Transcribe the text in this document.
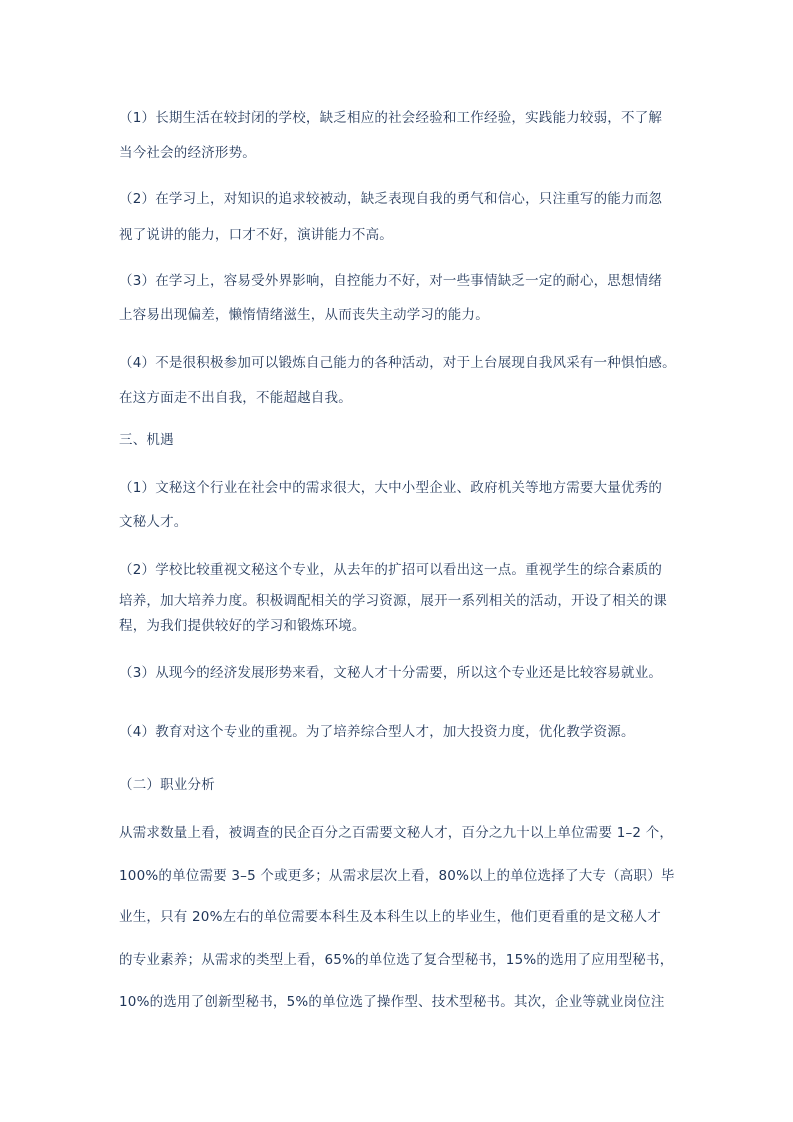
（1）长期生活在较封闭的学校，缺乏相应的社会经验和工作经验，实践能力较弱，不了解
当今社会的经济形势。
（2）在学习上，对知识的追求较被动，缺乏表现自我的勇气和信心，只注重写的能力而忽
视了说讲的能力，口才不好，演讲能力不高。
（3）在学习上，容易受外界影响，自控能力不好，对一些事情缺乏一定的耐心，思想情绪
上容易出现偏差，懒惰情绪滋生，从而丧失主动学习的能力。
（4）不是很积极参加可以锻炼自己能力的各种活动，对于上台展现自我风采有一种惧怕感。
在这方面走不出自我，不能超越自我。
三、机遇
（1）文秘这个行业在社会中的需求很大，大中小型企业、政府机关等地方需要大量优秀的
文秘人才。
（2）学校比较重视文秘这个专业，从去年的扩招可以看出这一点。重视学生的综合素质的
培养，加大培养力度。积极调配相关的学习资源，展开一系列相关的活动，开设了相关的课
程，为我们提供较好的学习和锻炼环境。
（3）从现今的经济发展形势来看，文秘人才十分需要，所以这个专业还是比较容易就业。
（4）教育对这个专业的重视。为了培养综合型人才，加大投资力度，优化教学资源。
（二）职业分析
从需求数量上看，被调查的民企百分之百需要文秘人才，百分之九十以上单位需要 1–2 个，
100%的单位需要 3–5 个或更多；从需求层次上看，80%以上的单位选择了大专（高职）毕
业生，只有 20%左右的单位需要本科生及本科生以上的毕业生，他们更看重的是文秘人才
的专业素养；从需求的类型上看，65%的单位选了复合型秘书，15%的选用了应用型秘书，
10%的选用了创新型秘书，5%的单位选了操作型、技术型秘书。其次，企业等就业岗位注
